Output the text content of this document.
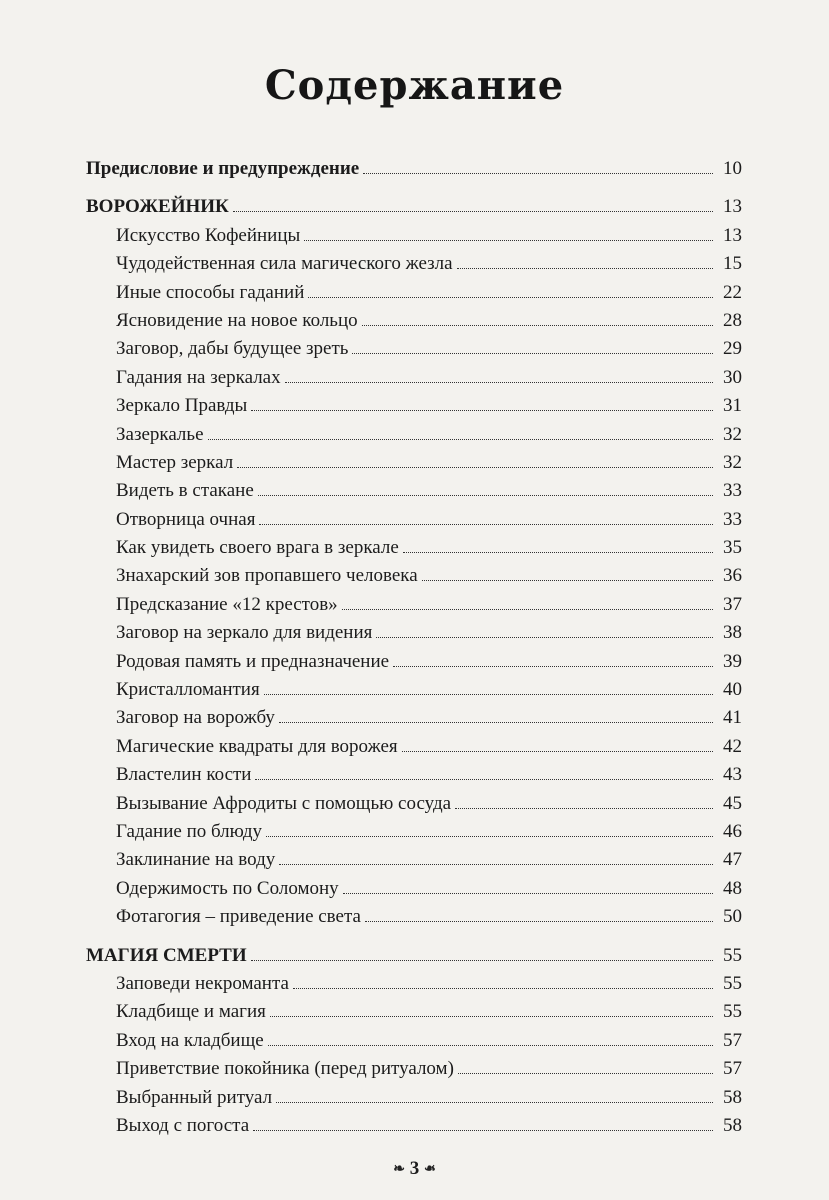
Содержание
Предисловие и предупреждение	10
ВОРОЖЕЙНИК	13
Искусство Кофейницы	13
Чудодейственная сила магического жезла	15
Иные способы гаданий	22
Ясновидение на новое кольцо	28
Заговор, дабы будущее зреть	29
Гадания на зеркалах	30
Зеркало Правды	31
Зазеркалье	32
Мастер зеркал	32
Видеть в стакане	33
Отворница очная	33
Как увидеть своего врага в зеркале	35
Знахарский зов пропавшего человека	36
Предсказание «12 крестов»	37
Заговор на зеркало для видения	38
Родовая память и предназначение	39
Кристалломантия	40
Заговор на ворожбу	41
Магические квадраты для ворожея	42
Властелин кости	43
Вызывание Афродиты с помощью сосуда	45
Гадание по блюду	46
Заклинание на воду	47
Одержимость по Соломону	48
Фотагогия – приведение света	50
МАГИЯ СМЕРТИ	55
Заповеди некроманта	55
Кладбище и магия	55
Вход на кладбище	57
Приветствие покойника (перед ритуалом)	57
Выбранный ритуал	58
Выход с погоста	58
❧ 3 ❧
